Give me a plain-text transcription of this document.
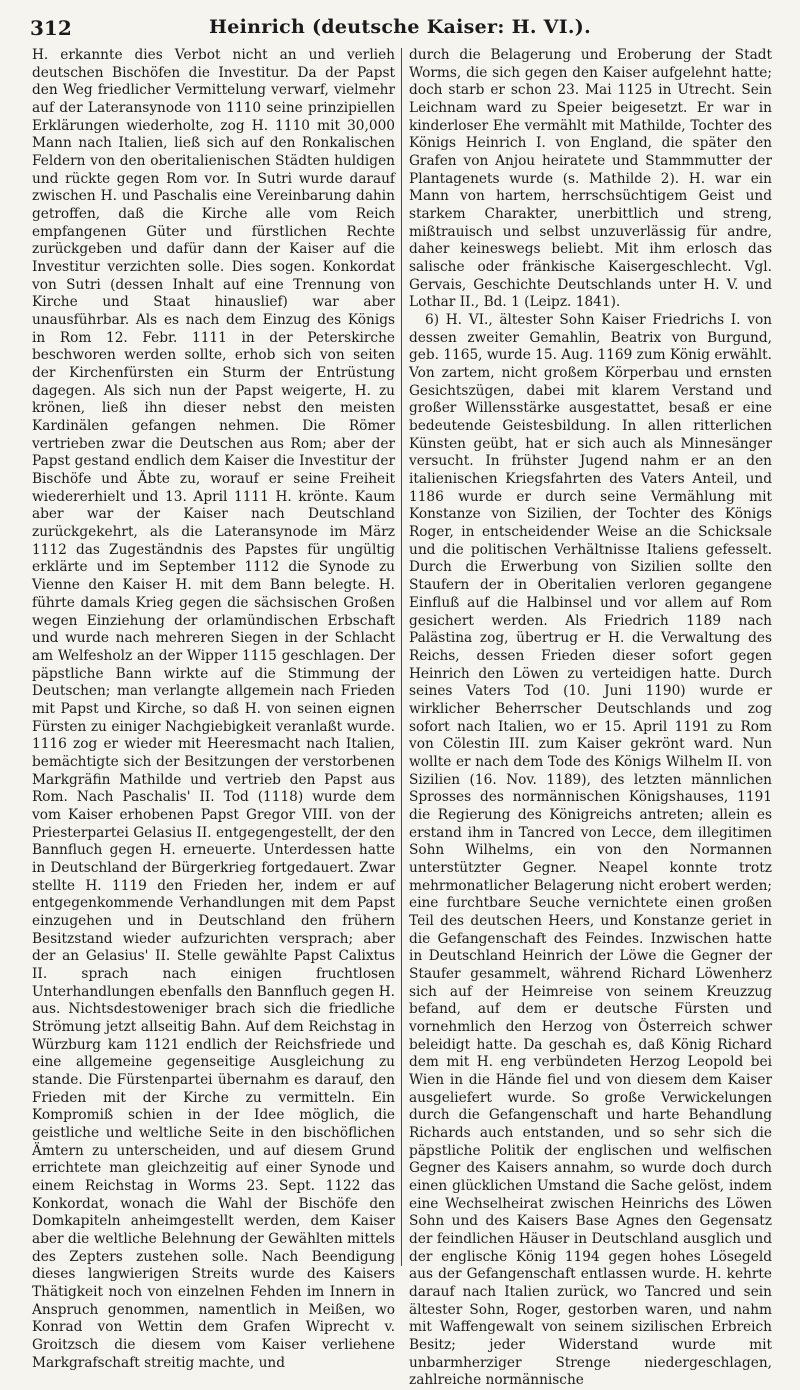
312	Heinrich (deutsche Kaiser: H. VI.).

H. erkannte dies Verbot nicht an und verlieh deutschen Bischöfen die Investitur. Da der Papst den Weg friedlicher Vermittelung verwarf, vielmehr auf der Lateransynode von 1110 seine prinzipiellen Erklärungen wiederholte, zog H. 1110 mit 30,000 Mann nach Italien, ließ sich auf den Ronkalischen Feldern von den oberitalienischen Städten huldigen und rückte gegen Rom vor. In Sutri wurde darauf zwischen H. und Paschalis eine Vereinbarung dahin getroffen, daß die Kirche alle vom Reich empfangenen Güter und fürstlichen Rechte zurückgeben und dafür dann der Kaiser auf die Investitur verzichten solle. Dies sogen. Konkordat von Sutri (dessen Inhalt auf eine Trennung von Kirche und Staat hinauslief) war aber unausführbar. Als es nach dem Einzug des Königs in Rom 12. Febr. 1111 in der Peterskirche beschworen werden sollte, erhob sich von seiten der Kirchenfürsten ein Sturm der Entrüstung dagegen. Als sich nun der Papst weigerte, H. zu krönen, ließ ihn dieser nebst den meisten Kardinälen gefangen nehmen. Die Römer vertrieben zwar die Deutschen aus Rom; aber der Papst gestand endlich dem Kaiser die Investitur der Bischöfe und Äbte zu, worauf er seine Freiheit wiedererhielt und 13. April 1111 H. krönte. Kaum aber war der Kaiser nach Deutschland zurückgekehrt, als die Lateransynode im März 1112 das Zugeständnis des Papstes für ungültig erklärte und im September 1112 die Synode zu Vienne den Kaiser H. mit dem Bann belegte. H. führte damals Krieg gegen die sächsischen Großen wegen Einziehung der orlamündischen Erbschaft und wurde nach mehreren Siegen in der Schlacht am Welfesholz an der Wipper 1115 geschlagen. Der päpstliche Bann wirkte auf die Stimmung der Deutschen; man verlangte allgemein nach Frieden mit Papst und Kirche, so daß H. von seinen eignen Fürsten zu einiger Nachgiebigkeit veranlaßt wurde. 1116 zog er wieder mit Heeresmacht nach Italien, bemächtigte sich der Besitzungen der verstorbenen Markgräfin Mathilde und vertrieb den Papst aus Rom. Nach Paschalis' II. Tod (1118) wurde dem vom Kaiser erhobenen Papst Gregor VIII. von der Priesterpartei Gelasius II. entgegengestellt, der den Bannfluch gegen H. erneuerte. Unterdessen hatte in Deutschland der Bürgerkrieg fortgedauert. Zwar stellte H. 1119 den Frieden her, indem er auf entgegenkommende Verhandlungen mit dem Papst einzugehen und in Deutschland den frühern Besitzstand wieder aufzurichten versprach; aber der an Gelasius' II. Stelle gewählte Papst Calixtus II. sprach nach einigen fruchtlosen Unterhandlungen ebenfalls den Bannfluch gegen H. aus. Nichtsdestoweniger brach sich die friedliche Strömung jetzt allseitig Bahn. Auf dem Reichstag in Würzburg kam 1121 endlich der Reichsfriede und eine allgemeine gegenseitige Ausgleichung zu stande. Die Fürstenpartei übernahm es darauf, den Frieden mit der Kirche zu vermitteln. Ein Kompromiß schien in der Idee möglich, die geistliche und weltliche Seite in den bischöflichen Ämtern zu unterscheiden, und auf diesem Grund errichtete man gleichzeitig auf einer Synode und einem Reichstag in Worms 23. Sept. 1122 das Konkordat, wonach die Wahl der Bischöfe den Domkapiteln anheimgestellt werden, dem Kaiser aber die weltliche Belehnung der Gewählten mittels des Zepters zustehen solle. Nach Beendigung dieses langwierigen Streits wurde des Kaisers Thätigkeit noch von einzelnen Fehden im Innern in Anspruch genommen, namentlich in Meißen, wo Konrad von Wettin dem Grafen Wiprecht v. Groitzsch die diesem vom Kaiser verliehene Markgrafschaft streitig machte, und

durch die Belagerung und Eroberung der Stadt Worms, die sich gegen den Kaiser aufgelehnt hatte; doch starb er schon 23. Mai 1125 in Utrecht. Sein Leichnam ward zu Speier beigesetzt. Er war in kinderloser Ehe vermählt mit Mathilde, Tochter des Königs Heinrich I. von England, die später den Grafen von Anjou heiratete und Stammmutter der Plantagenets wurde (s. Mathilde 2). H. war ein Mann von hartem, herrschsüchtigem Geist und starkem Charakter, unerbittlich und streng, mißtrauisch und selbst unzuverlässig für andre, daher keineswegs beliebt. Mit ihm erlosch das salische oder fränkische Kaisergeschlecht. Vgl. Gervais, Geschichte Deutschlands unter H. V. und Lothar II., Bd. 1 (Leipz. 1841).

6) H. VI., ältester Sohn Kaiser Friedrichs I. von dessen zweiter Gemahlin, Beatrix von Burgund, geb. 1165, wurde 15. Aug. 1169 zum König erwählt. Von zartem, nicht großem Körperbau und ernsten Gesichtszügen, dabei mit klarem Verstand und großer Willensstärke ausgestattet, besaß er eine bedeutende Geistesbildung. In allen ritterlichen Künsten geübt, hat er sich auch als Minnesänger versucht. In frühster Jugend nahm er an den italienischen Kriegsfahrten des Vaters Anteil, und 1186 wurde er durch seine Vermählung mit Konstanze von Sizilien, der Tochter des Königs Roger, in entscheidender Weise an die Schicksale und die politischen Verhältnisse Italiens gefesselt. Durch die Erwerbung von Sizilien sollte den Staufern der in Oberitalien verloren gegangene Einfluß auf die Halbinsel und vor allem auf Rom gesichert werden. Als Friedrich 1189 nach Palästina zog, übertrug er H. die Verwaltung des Reichs, dessen Frieden dieser sofort gegen Heinrich den Löwen zu verteidigen hatte. Durch seines Vaters Tod (10. Juni 1190) wurde er wirklicher Beherrscher Deutschlands und zog sofort nach Italien, wo er 15. April 1191 zu Rom von Cölestin III. zum Kaiser gekrönt ward. Nun wollte er nach dem Tode des Königs Wilhelm II. von Sizilien (16. Nov. 1189), des letzten männlichen Sprosses des normännischen Königshauses, 1191 die Regierung des Königreichs antreten; allein es erstand ihm in Tancred von Lecce, dem illegitimen Sohn Wilhelms, ein von den Normannen unterstützter Gegner. Neapel konnte trotz mehrmonatlicher Belagerung nicht erobert werden; eine furchtbare Seuche vernichtete einen großen Teil des deutschen Heers, und Konstanze geriet in die Gefangenschaft des Feindes. Inzwischen hatte in Deutschland Heinrich der Löwe die Gegner der Staufer gesammelt, während Richard Löwenherz sich auf der Heimreise von seinem Kreuzzug befand, auf dem er deutsche Fürsten und vornehmlich den Herzog von Österreich schwer beleidigt hatte. Da geschah es, daß König Richard dem mit H. eng verbündeten Herzog Leopold bei Wien in die Hände fiel und von diesem dem Kaiser ausgeliefert wurde. So große Verwickelungen durch die Gefangenschaft und harte Behandlung Richards auch entstanden, und so sehr sich die päpstliche Politik der englischen und welfischen Gegner des Kaisers annahm, so wurde doch durch einen glücklichen Umstand die Sache gelöst, indem eine Wechselheirat zwischen Heinrichs des Löwen Sohn und des Kaisers Base Agnes den Gegensatz der feindlichen Häuser in Deutschland ausglich und der englische König 1194 gegen hohes Lösegeld aus der Gefangenschaft entlassen wurde. H. kehrte darauf nach Italien zurück, wo Tancred und sein ältester Sohn, Roger, gestorben waren, und nahm mit Waffengewalt von seinem sizilischen Erbreich Besitz; jeder Widerstand wurde mit unbarmherziger Strenge niedergeschlagen, zahlreiche normännische
